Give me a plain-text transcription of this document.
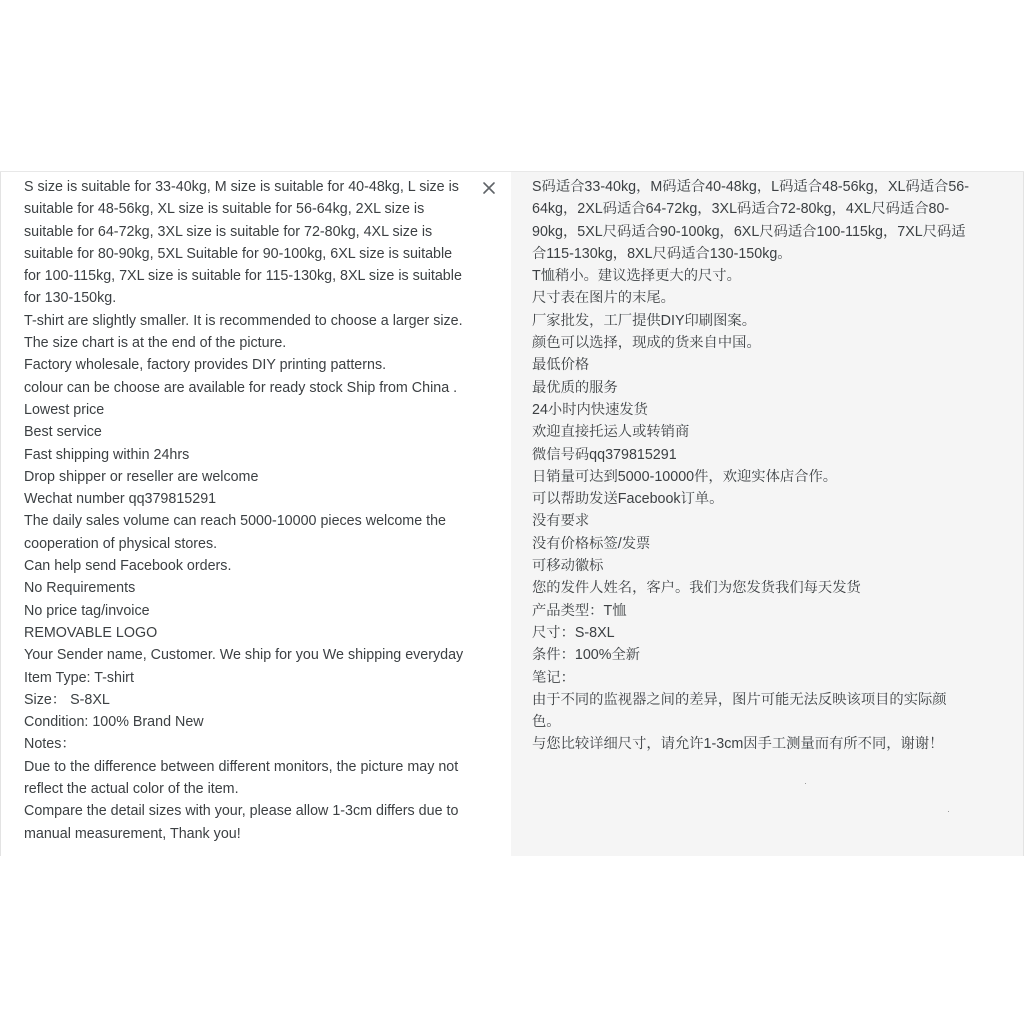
S size is suitable for 33-40kg, M size is suitable for 40-48kg, L size is
suitable for 48-56kg, XL size is suitable for 56-64kg, 2XL size is
suitable for 64-72kg, 3XL size is suitable for 72-80kg, 4XL size is
suitable for 80-90kg, 5XL Suitable for 90-100kg, 6XL size is suitable
for 100-115kg, 7XL size is suitable for 115-130kg, 8XL size is suitable
for 130-150kg.
T-shirt are slightly smaller. It is recommended to choose a larger size.
The size chart is at the end of the picture.
Factory wholesale, factory provides DIY printing patterns.
colour can be choose are available for ready stock Ship from China .
Lowest price
Best service
Fast shipping within 24hrs
Drop shipper or reseller are welcome
Wechat number qq379815291
The daily sales volume can reach 5000-10000 pieces welcome the
cooperation of physical stores.
Can help send Facebook orders.
No Requirements
No price tag/invoice
REMOVABLE LOGO
Your Sender name, Customer. We ship for you We shipping everyday
Item Type: T-shirt
Size： S-8XL
Condition: 100% Brand New
Notes：
Due to the difference between different monitors, the picture may not
reflect the actual color of the item.
Compare the detail sizes with your, please allow 1-3cm differs due to
manual measurement, Thank you!
S码适合33-40kg，M码适合40-48kg，L码适合48-56kg，XL码适合56-
64kg，2XL码适合64-72kg，3XL码适合72-80kg，4XL尺码适合80-
90kg，5XL尺码适合90-100kg，6XL尺码适合100-115kg，7XL尺码适
合115-130kg，8XL尺码适合130-150kg。
T恤稍小。建议选择更大的尺寸。
尺寸表在图片的末尾。
厂家批发，工厂提供DIY印刷图案。
颜色可以选择，现成的货来自中国。
最低价格
最优质的服务
24小时内快速发货
欢迎直接托运人或转销商
微信号码qq379815291
日销量可达到5000-10000件，欢迎实体店合作。
可以帮助发送Facebook订单。
没有要求
没有价格标签/发票
可移动徽标
您的发件人姓名，客户。我们为您发货我们每天发货
产品类型：T恤
尺寸：S-8XL
条件：100%全新
笔记：
由于不同的监视器之间的差异，图片可能无法反映该项目的实际颜
色。
与您比较详细尺寸，请允许1-3cm因手工测量而有所不同，谢谢！
